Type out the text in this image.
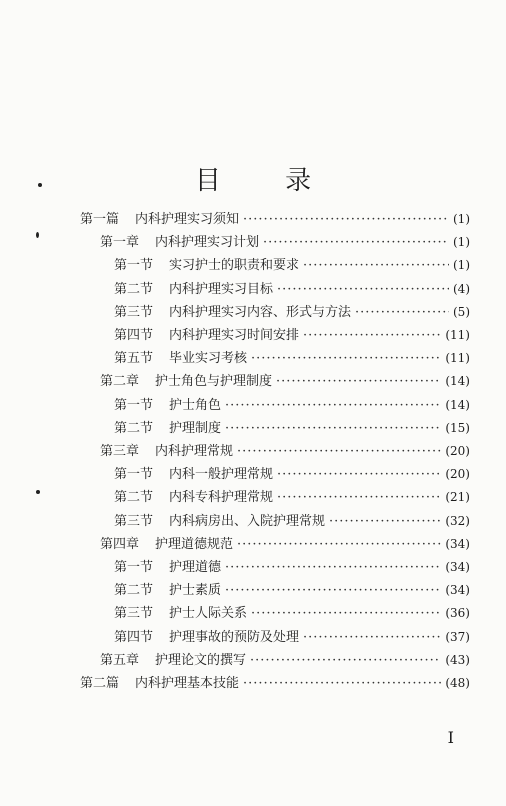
目 录
第一篇 内科护理实习须知 ·····	(1)
第一章 内科护理实习计划 ·····	(1)
第一节 实习护士的职责和要求 ·····	(1)
第二节 内科护理实习目标 ·····	(4)
第三节 内科护理实习内容、形式与方法 ·····	(5)
第四节 内科护理实习时间安排 ·····	(11)
第五节 毕业实习考核 ·····	(11)
第二章 护士角色与护理制度 ·····	(14)
第一节 护士角色 ·····	(14)
第二节 护理制度 ·····	(15)
第三章 内科护理常规 ·····	(20)
第一节 内科一般护理常规 ·····	(20)
第二节 内科专科护理常规 ·····	(21)
第三节 内科病房出、入院护理常规 ·····	(32)
第四章 护理道德规范 ·····	(34)
第一节 护理道德 ·····	(34)
第二节 护士素质 ·····	(34)
第三节 护士人际关系 ·····	(36)
第四节 护理事故的预防及处理 ·····	(37)
第五章 护理论文的撰写 ·····	(43)
第二篇 内科护理基本技能 ·····	(48)
I
